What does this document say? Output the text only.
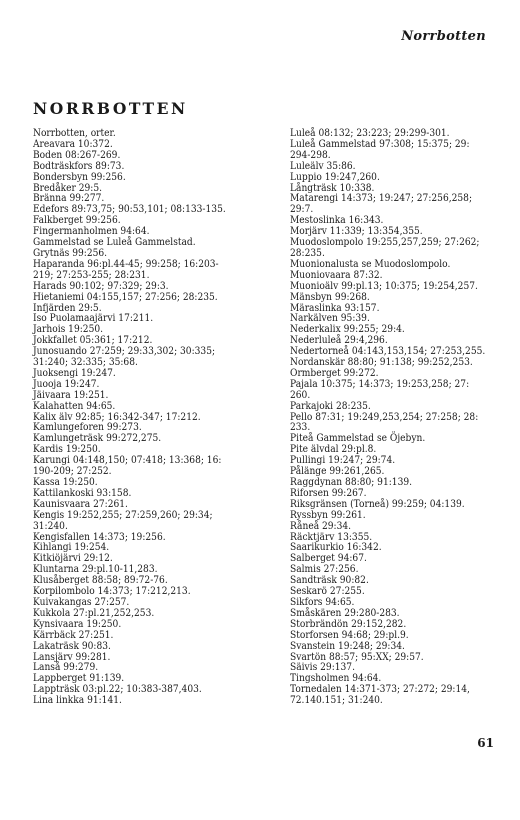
Norrbotten
NORRBOTTEN
Norrbotten, orter.
Areavara 10:372.
Boden 08:267-269.
Bodträskfors 89:73.
Bondersbyn 99:256.
Bredåker 29:5.
Bränna 99:277.
Edefors 89:73,75; 90:53,101; 08:133-135.
Falkberget 99:256.
Fingermanholmen 94:64.
Gammelstad se Luleå Gammelstad.
Grytnäs 99:256.
Haparanda 96:pl.44-45; 99:258; 16:203-
219; 27:253-255; 28:231.
Harads 90:102; 97:329; 29:3.
Hietaniemi 04:155,157; 27:256; 28:235.
Infjärden 29:5.
Iso Puolamaajärvi 17:211.
Jarhois 19:250.
Jokkfallet 05:361; 17:212.
Junosuando 27:259; 29:33,302; 30:335;
31:240; 32:335; 35:68.
Juoksengi 19:247.
Juooja 19:247.
Jäivaara 19:251.
Kalahatten 94:65.
Kalix älv 92:85; 16:342-347; 17:212.
Kamlungeforen 99:273.
Kamlungeträsk 99:272,275.
Kardis 19:250.
Karungi 04:148,150; 07:418; 13:368; 16:
190-209; 27:252.
Kassa 19:250.
Kattilankoski 93:158.
Kaunisvaara 27:261.
Kengis 19:252,255; 27:259,260; 29:34;
31:240.
Kengisfallen 14:373; 19:256.
Kihlangi 19:254.
Kitkiöjärvi 29:12.
Kluntarna 29:pl.10-11,283.
Klusåberget 88:58; 89:72-76.
Korpilombolo 14:373; 17:212,213.
Kuivakangas 27:257.
Kukkola 27:pl.21,252,253.
Kynsivaara 19:250.
Kärrbäck 27:251.
Lakaträsk 90:83.
Lansjärv 99:281.
Lanså 99:279.
Lappberget 91:139.
Lappträsk 03:pl.22; 10:383-387,403.
Lina linkka 91:141.
Luleå 08:132; 23:223; 29:299-301.
Luleå Gammelstad 97:308; 15:375; 29:
294-298.
Luleälv 35:86.
Luppio 19:247,260.
Långträsk 10:338.
Matarengi 14:373; 19:247; 27:256,258;
29:7.
Mestoslinka 16:343.
Morjärv 11:339; 13:354,355.
Muodoslompolo 19:255,257,259; 27:262;
28:235.
Muonionalusta se Muodoslompolo.
Muoniovaara 87:32.
Muonioälv 99:pl.13; 10:375; 19:254,257.
Mänsbyn 99:268.
Märaslinka 93:157.
Narkälven 95:39.
Nederkalix 99:255; 29:4.
Nederluleå 29:4,296.
Nedertorneå 04:143,153,154; 27:253,255.
Nordanskär 88:80; 91:138; 99:252,253.
Ormberget 99:272.
Pajala 10:375; 14:373; 19:253,258; 27:
260.
Parkajoki 28:235.
Pello 87:31; 19:249,253,254; 27:258; 28:
233.
Piteå Gammelstad se Öjebyn.
Pite älvdal 29:pl.8.
Pullingi 19:247; 29:74.
Pålänge 99:261,265.
Raggdynan 88:80; 91:139.
Riforsen 99:267.
Riksgränsen (Torneå) 99:259; 04:139.
Ryssbyn 99:261.
Råneå 29:34.
Räcktjärv 13:355.
Saarikurkio 16:342.
Salberget 94:67.
Salmis 27:256.
Sandträsk 90:82.
Seskarö 27:255.
Sikfors 94:65.
Småskären 29:280-283.
Storbrändön 29:152,282.
Storforsen 94:68; 29:pl.9.
Svanstein 19:248; 29:34.
Svartön 88:57; 95:XX; 29:57.
Säivis 29:137.
Tingsholmen 94:64.
Tornedalen 14:371-373; 27:272; 29:14,
72.140.151; 31:240.
61
